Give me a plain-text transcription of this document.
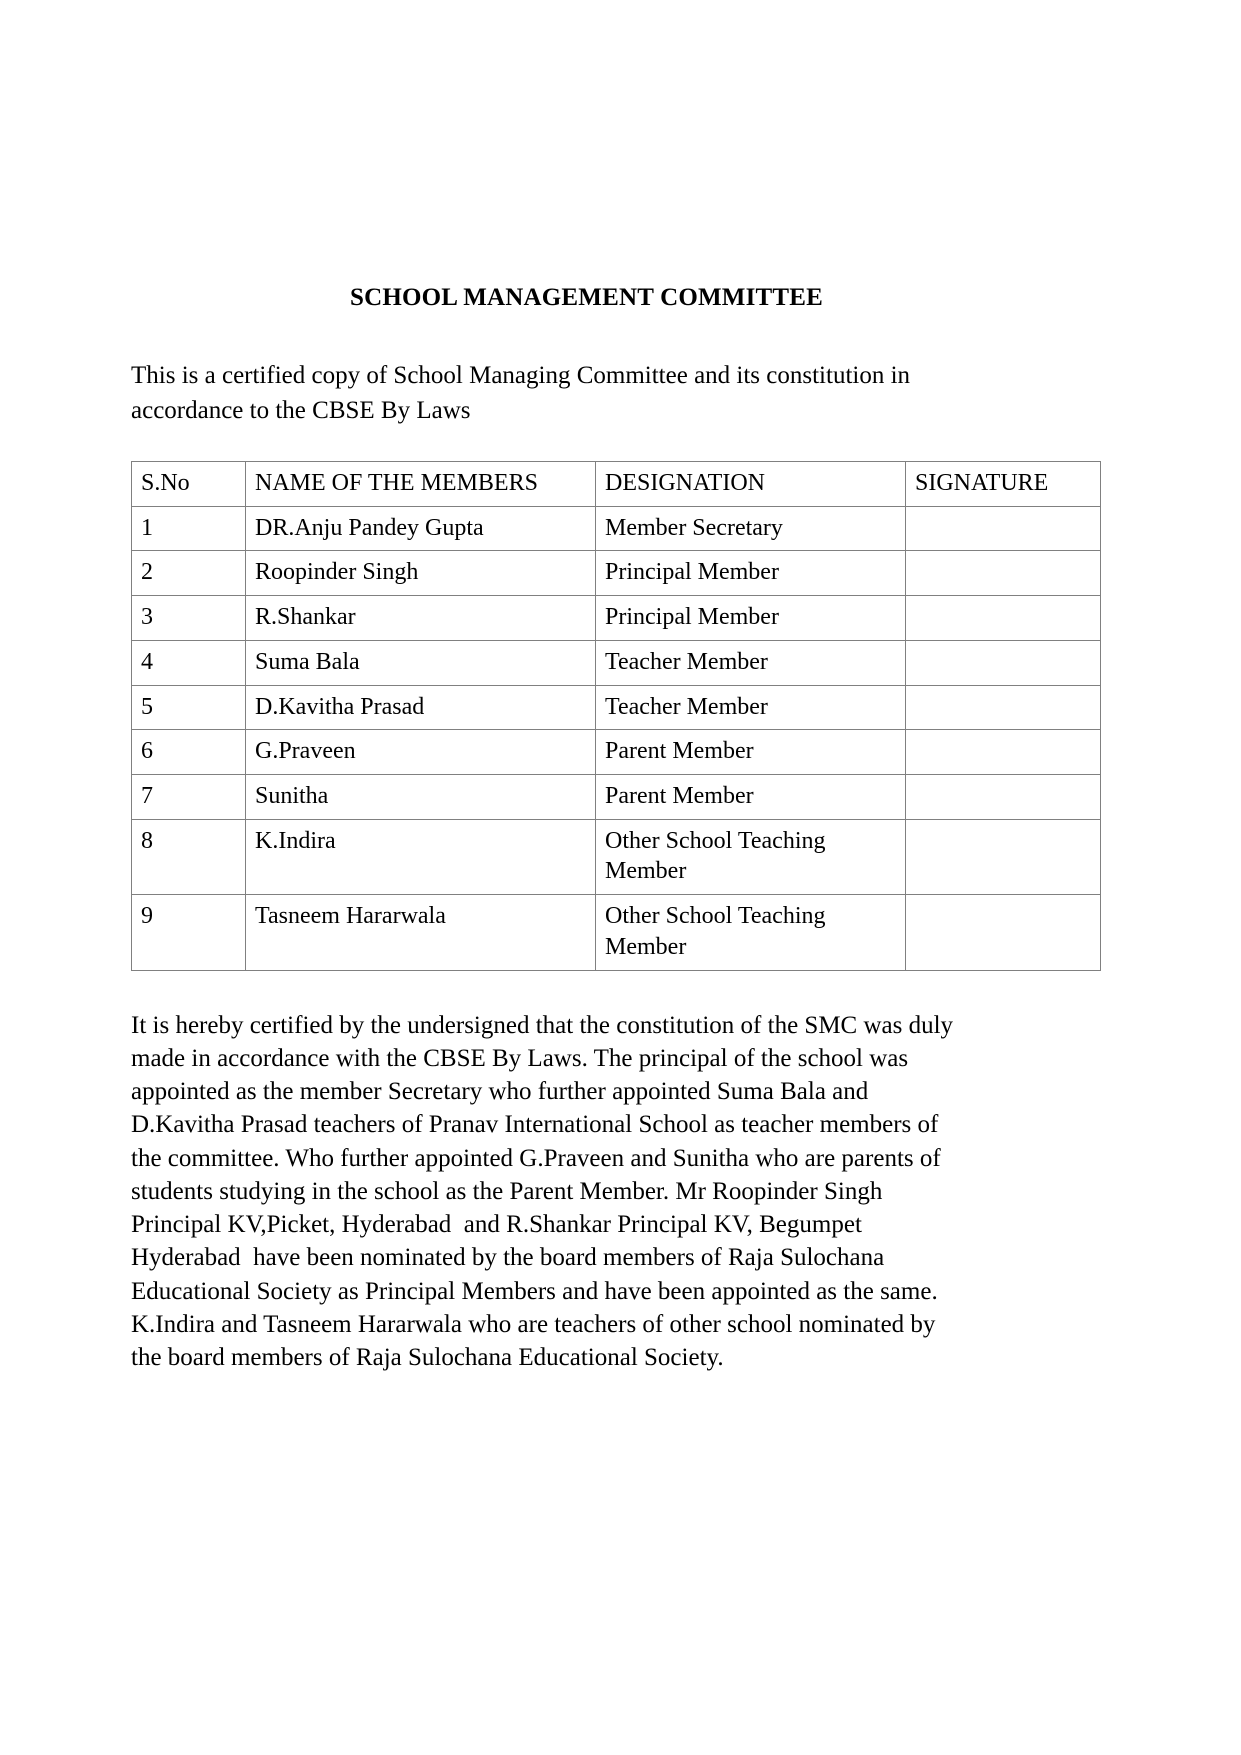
SCHOOL MANAGEMENT COMMITTEE

This is a certified copy of School Managing Committee and its constitution in accordance to the CBSE By Laws

S.No	NAME OF THE MEMBERS	DESIGNATION	SIGNATURE
1	DR.Anju Pandey Gupta	Member Secretary	
2	Roopinder Singh	Principal Member	
3	R.Shankar	Principal Member	
4	Suma Bala	Teacher Member	
5	D.Kavitha Prasad	Teacher Member	
6	G.Praveen	Parent Member	
7	Sunitha	Parent Member	
8	K.Indira	Other School Teaching Member	
9	Tasneem Hararwala	Other School Teaching Member	
It is hereby certified by the undersigned that the constitution of the SMC was duly
made in accordance with the CBSE By Laws. The principal of the school was
appointed as the member Secretary who further appointed Suma Bala and
D.Kavitha Prasad teachers of Pranav International School as teacher members of
the committee. Who further appointed G.Praveen and Sunitha who are parents of
students studying in the school as the Parent Member. Mr Roopinder Singh
Principal KV,Picket, Hyderabad  and R.Shankar Principal KV, Begumpet
Hyderabad  have been nominated by the board members of Raja Sulochana
Educational Society as Principal Members and have been appointed as the same.
K.Indira and Tasneem Hararwala who are teachers of other school nominated by
the board members of Raja Sulochana Educational Society.
